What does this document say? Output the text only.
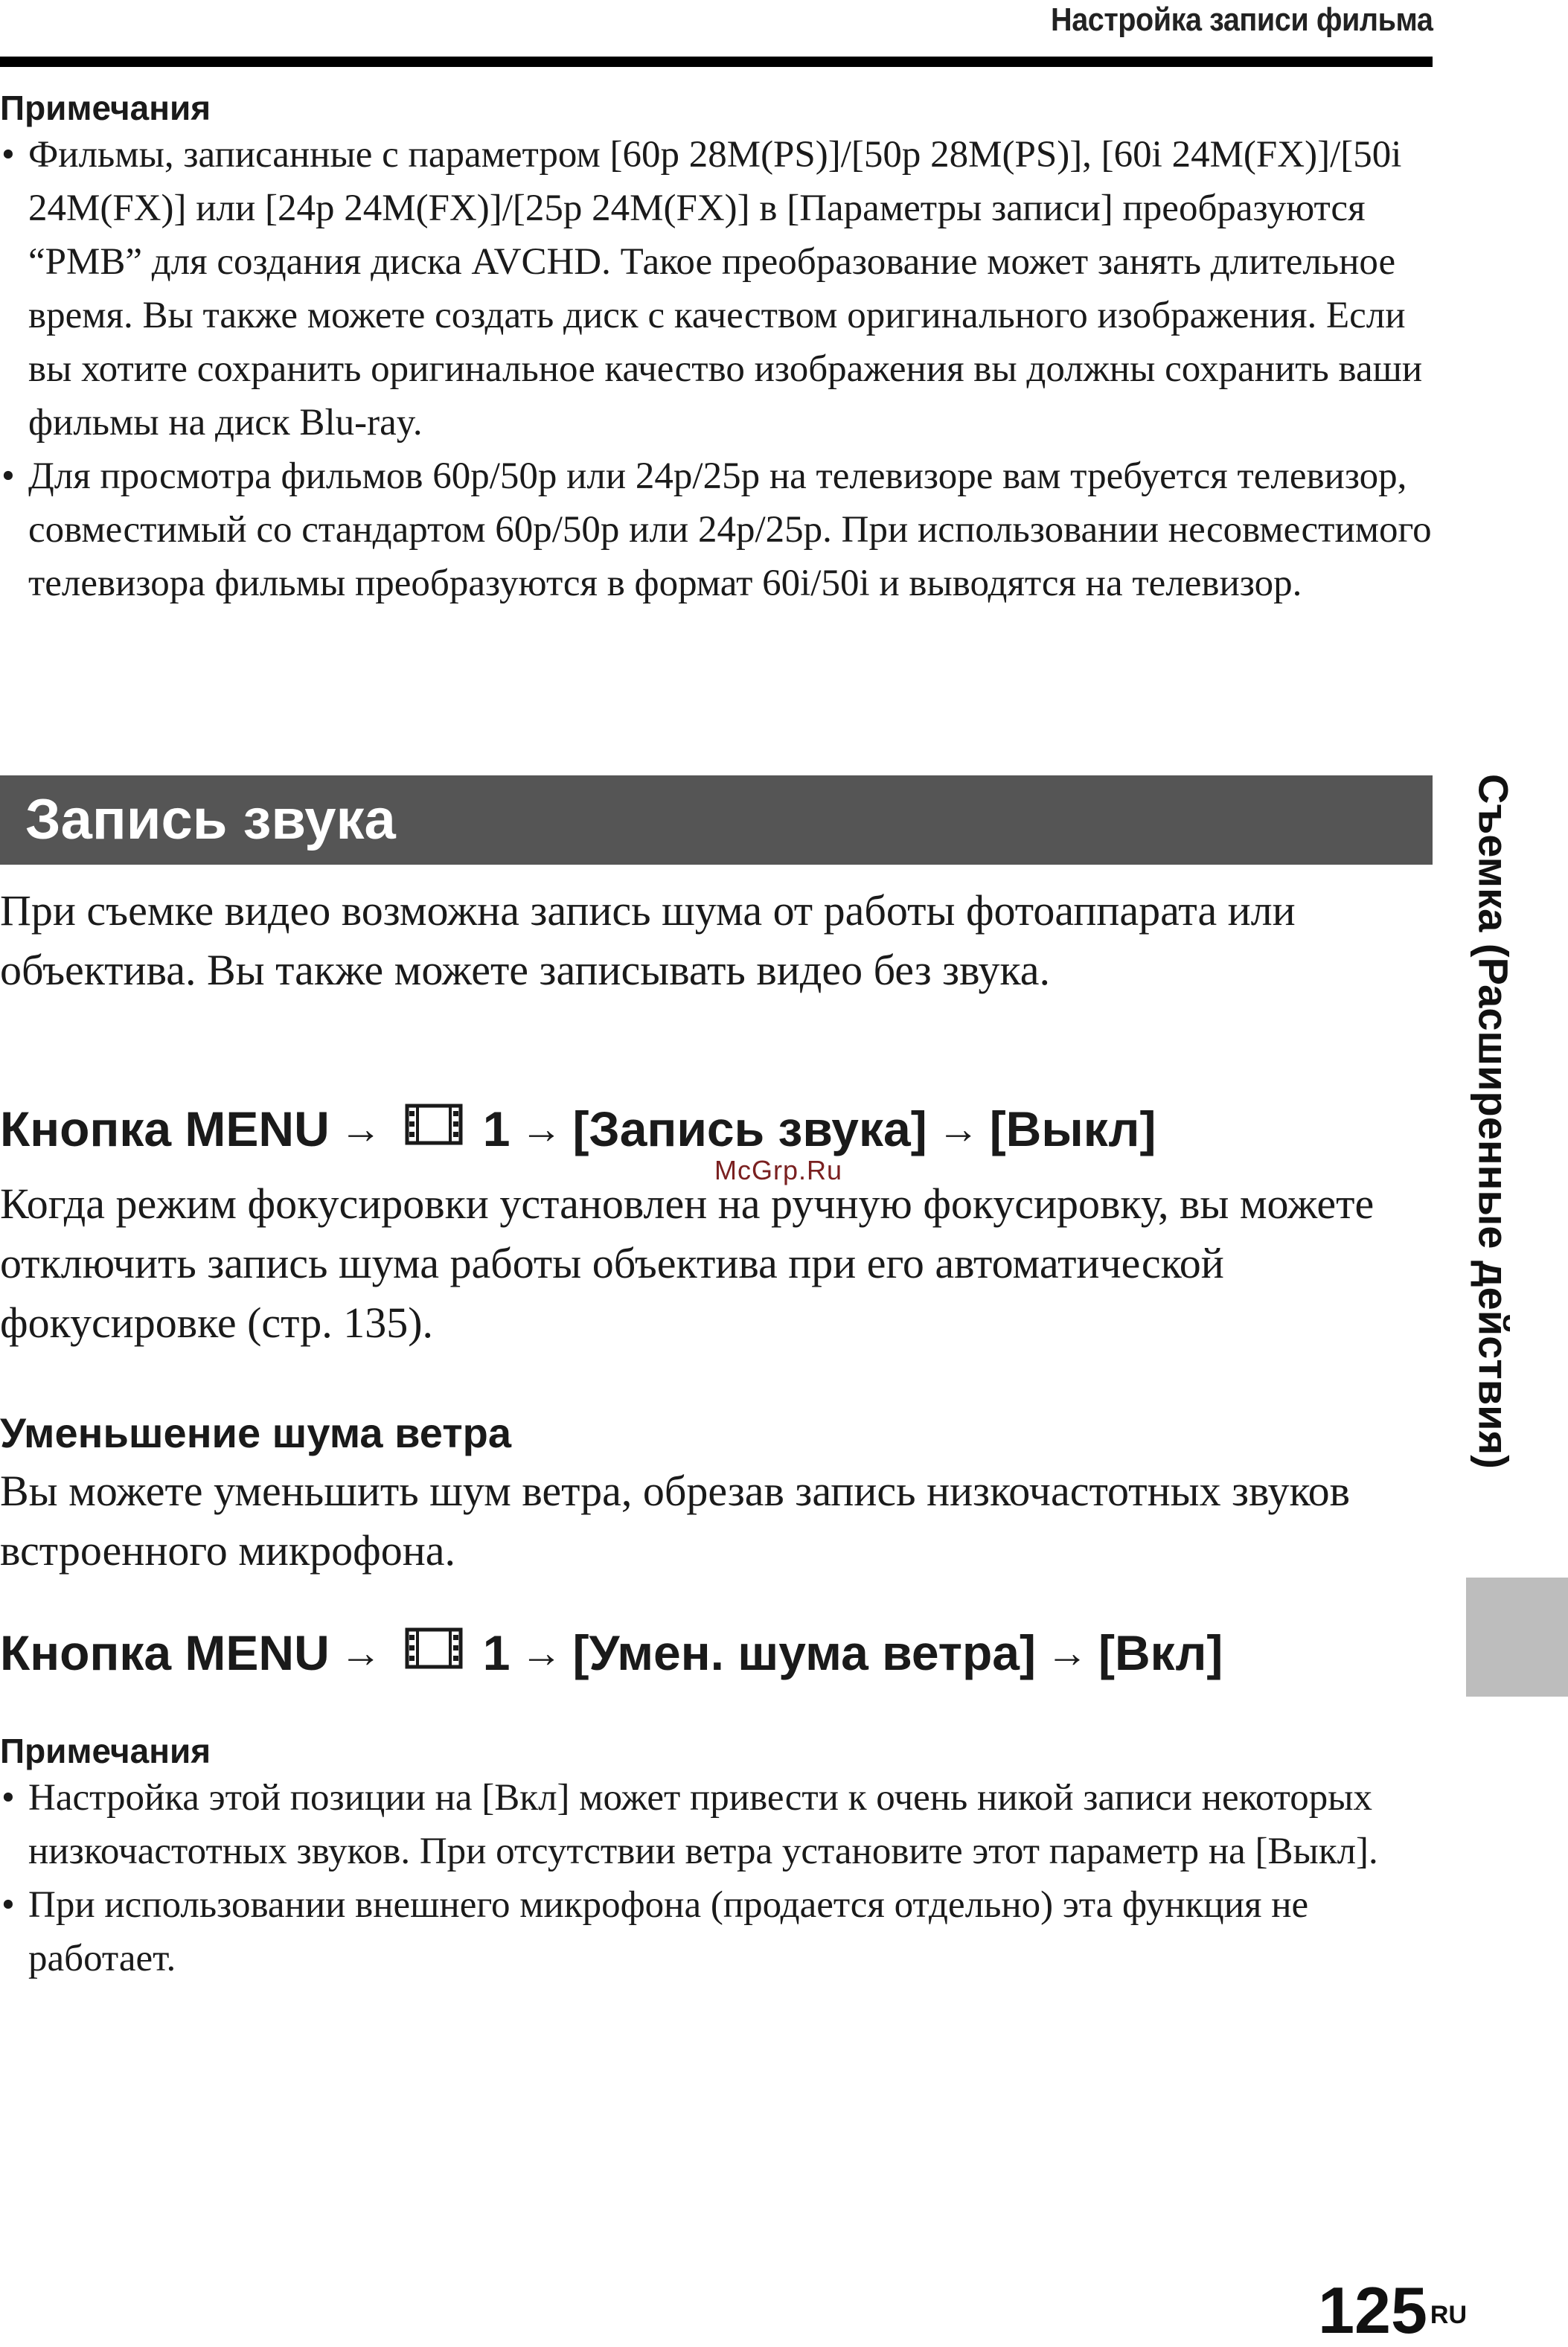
Настройка записи фильма

Примечания

• Фильмы, записанные с параметром [60p 28M(PS)]/[50p 28M(PS)], [60i 24M(FX)]/[50i 24M(FX)] или [24p 24M(FX)]/[25p 24M(FX)] в [Параметры записи] преобразуются “PMB” для создания диска AVCHD. Такое преобразование может занять длительное время. Вы также можете создать диск с качеством оригинального изображения. Если вы хотите сохранить оригинальное качество изображения вы должны сохранить ваши фильмы на диск Blu-ray.
• Для просмотра фильмов 60p/50p или 24p/25p на телевизоре вам требуется телевизор, совместимый со стандартом 60p/50p или 24p/25p. При использовании несовместимого телевизора фильмы преобразуются в формат 60i/50i и выводятся на телевизор.
Запись звука

При съемке видео возможна запись шума от работы фотоаппарата или объектива. Вы также можете записывать видео без звука.

Кнопка MENU → 1 → [Запись звука] → [Выкл]

McGrp.Ru

Когда режим фокусировки установлен на ручную фокусировку, вы можете отключить запись шума работы объектива при его автоматической фокусировке (стр. 135).

Уменьшение шума ветра

Вы можете уменьшить шум ветра, обрезав запись низкочастотных звуков встроенного микрофона.

Кнопка MENU → 1 → [Умен. шума ветра] → [Вкл]

Примечания

• Настройка этой позиции на [Вкл] может привести к очень никой записи некоторых низкочастотных звуков. При отсутствии ветра установите этот параметр на [Выкл].
• При использовании внешнего микрофона (продается отдельно) эта функция не работает.
Съемка (Расширенные действия)
125 $^{RU}$
